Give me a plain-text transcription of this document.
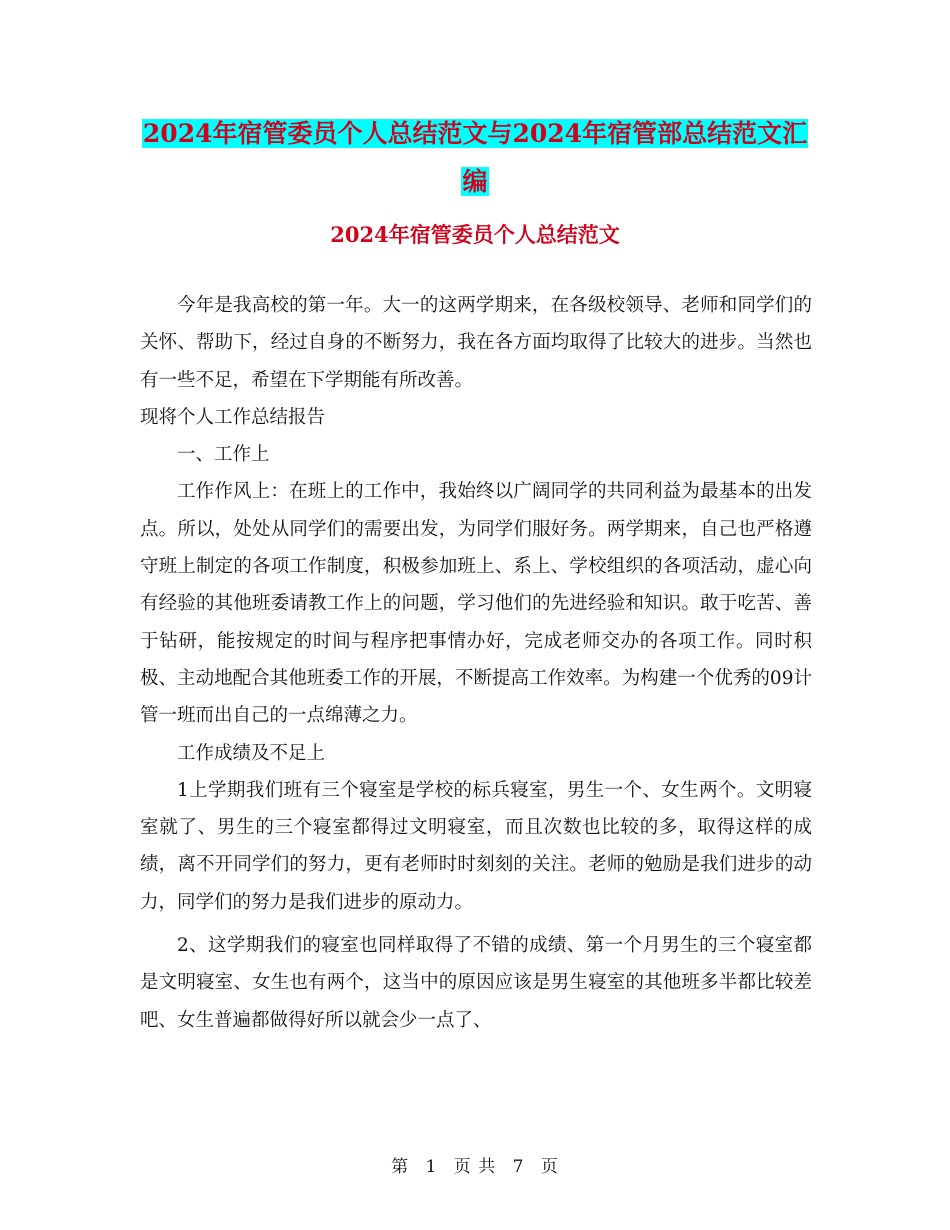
2024年宿管委员个人总结范文与2024年宿管部总结范文汇编
2024年宿管委员个人总结范文

今年是我高校的第一年。大一的这两学期来，在各级校领导、老师和同学们的关怀、帮助下，经过自身的不断努力，我在各方面均取得了比较大的进步。当然也有一些不足，希望在下学期能有所改善。

现将个人工作总结报告

一、工作上

工作作风上：在班上的工作中，我始终以广阔同学的共同利益为最基本的出发点。所以，处处从同学们的需要出发，为同学们服好务。两学期来，自己也严格遵守班上制定的各项工作制度，积极参加班上、系上、学校组织的各项活动，虚心向有经验的其他班委请教工作上的问题，学习他们的先进经验和知识。敢于吃苦、善于钻研，能按规定的时间与程序把事情办好，完成老师交办的各项工作。同时积极、主动地配合其他班委工作的开展，不断提高工作效率。为构建一个优秀的09计管一班而出自己的一点绵薄之力。

工作成绩及不足上

1上学期我们班有三个寝室是学校的标兵寝室，男生一个、女生两个。文明寝室就了、男生的三个寝室都得过文明寝室，而且次数也比较的多，取得这样的成绩，离不开同学们的努力，更有老师时时刻刻的关注。老师的勉励是我们进步的动力，同学们的努力是我们进步的原动力。

2、这学期我们的寝室也同样取得了不错的成绩、第一个月男生的三个寝室都是文明寝室、女生也有两个，这当中的原因应该是男生寝室的其他班多半都比较差吧、女生普遍都做得好所以就会少一点了、

第 1 页 共 7 页
